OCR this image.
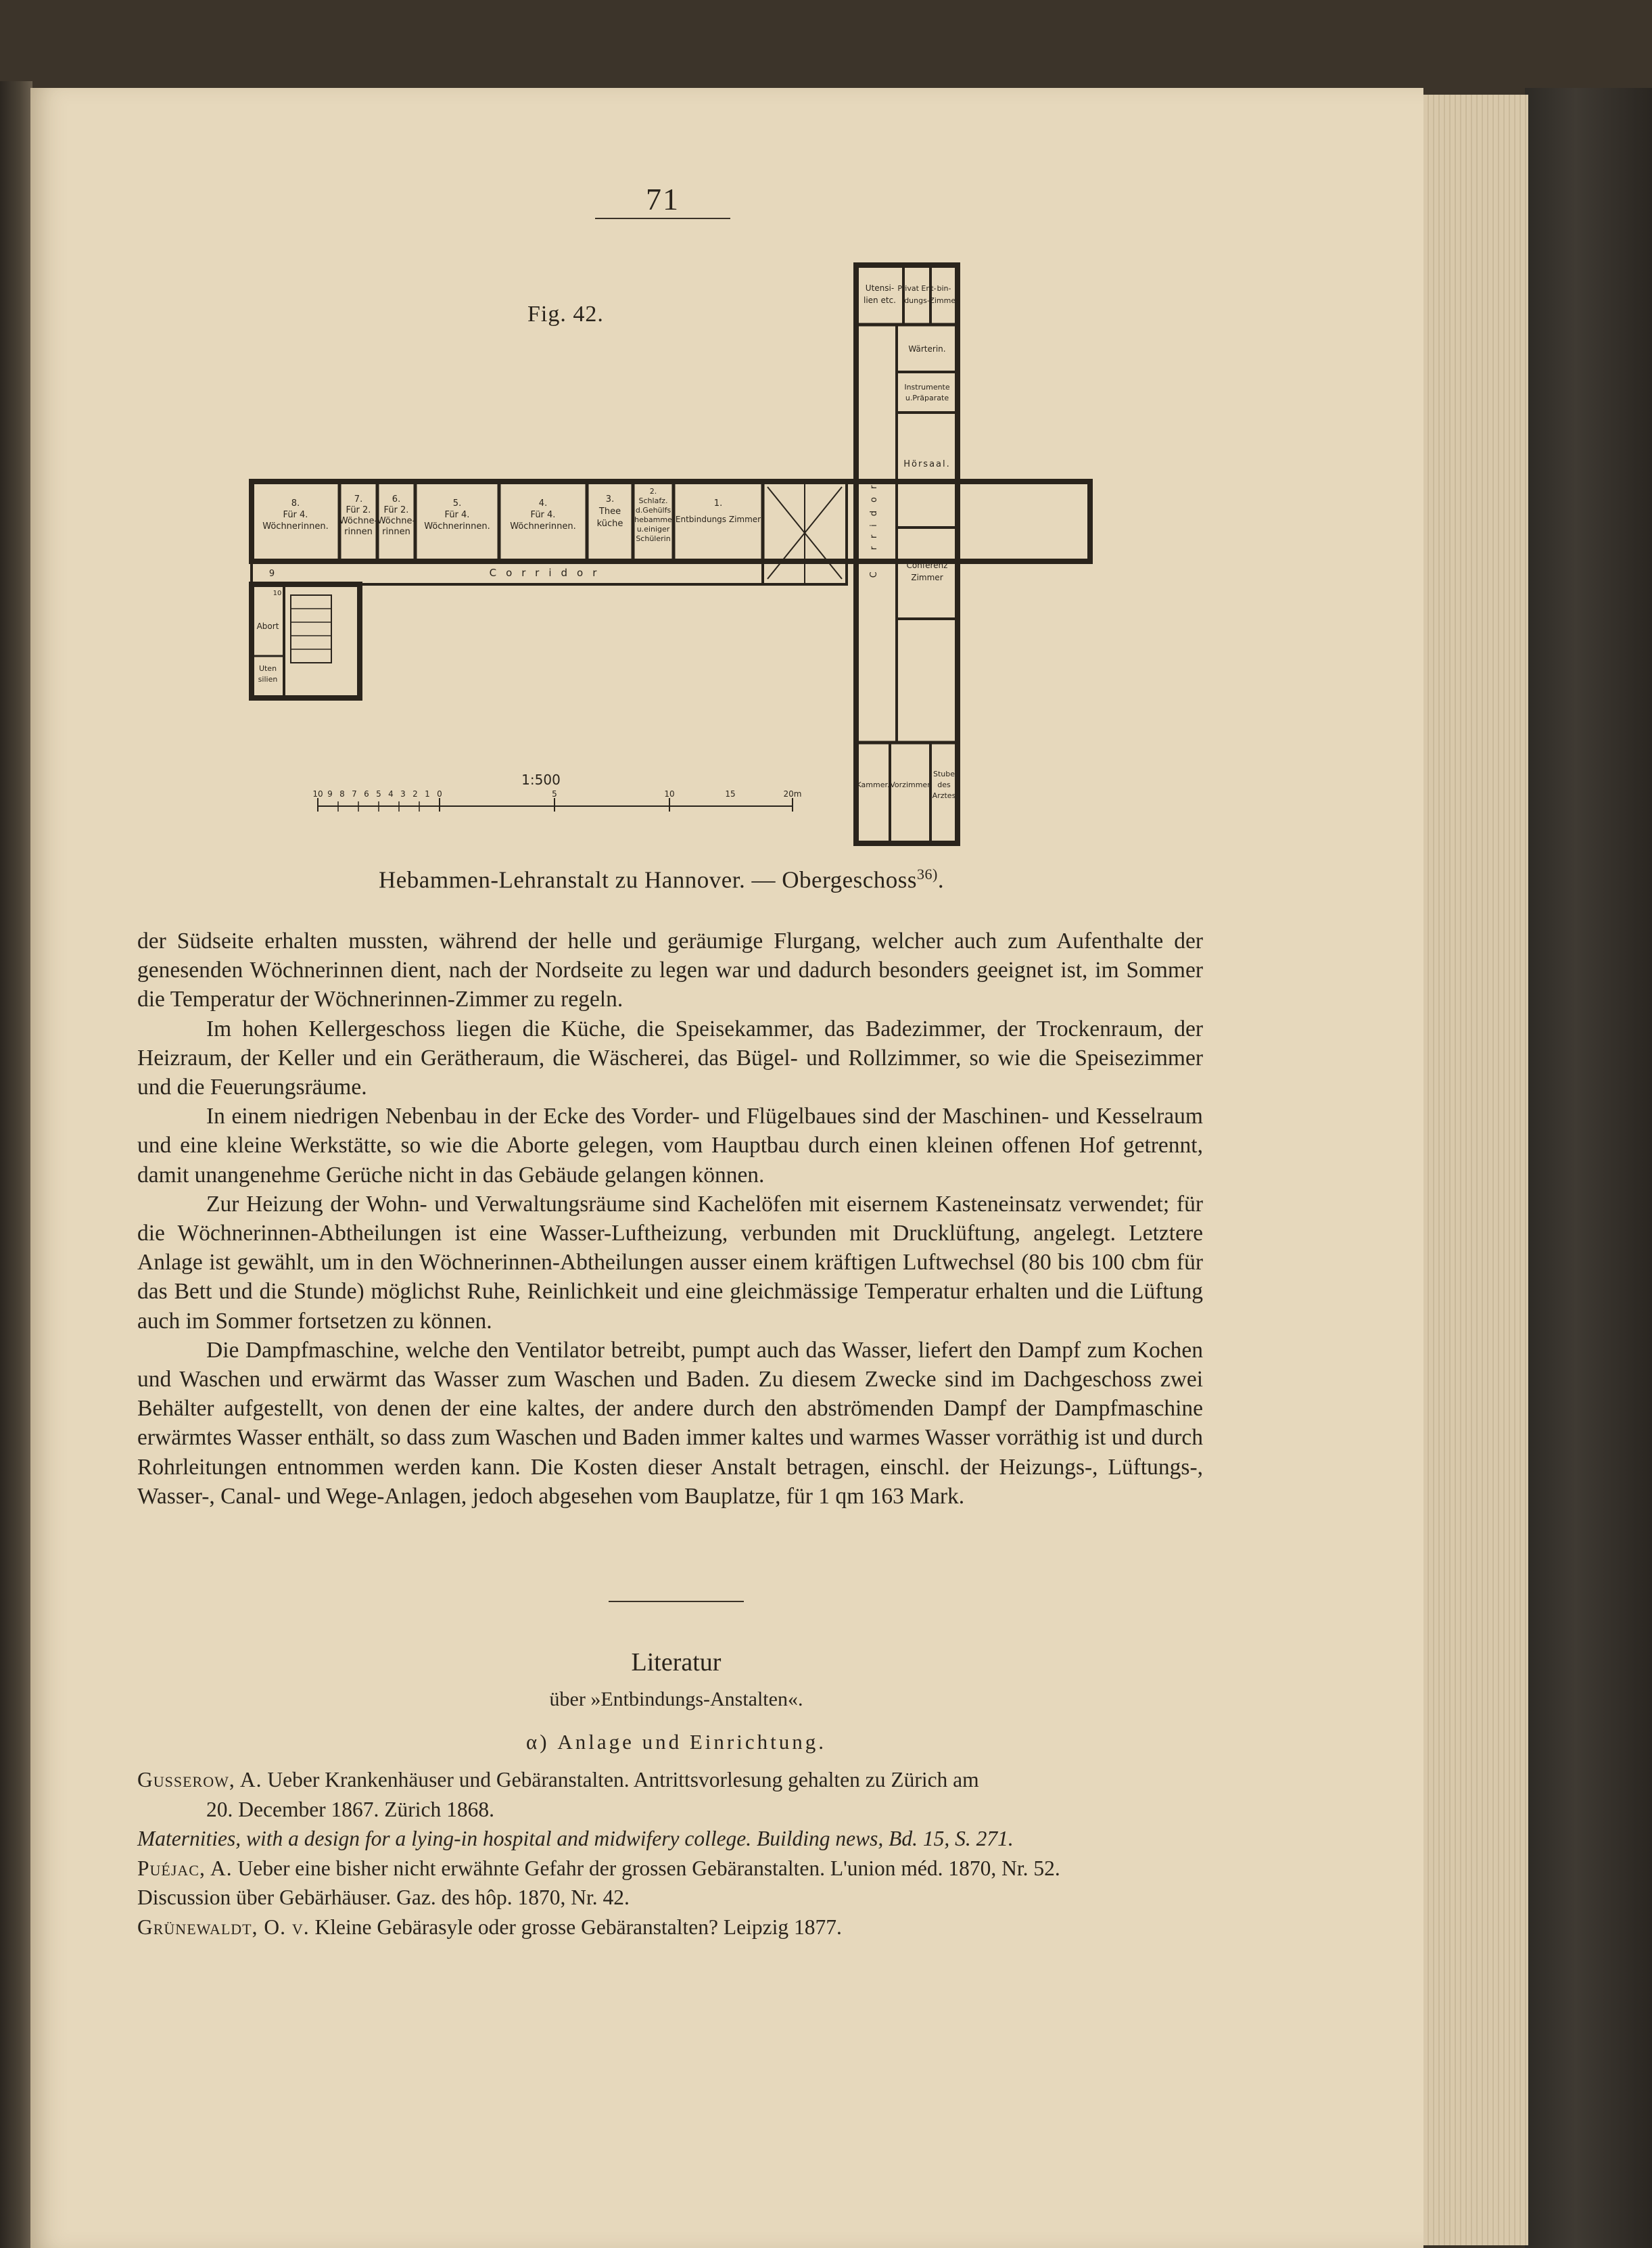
71
Fig. 42.
8.
Für 4.
Wöchnerinnen.
7.
Für 2.
Wöchne-
rinnen
6.
Für 2.
Wöchne-
rinnen
5.
Für 4.
Wöchnerinnen.
4.
Für 4.
Wöchnerinnen.
3.
Thee
küche
2.
Schlafz.
d.Gehülfs
hebamme
u.einiger
Schülerin
1.
Entbindungs Zimmer
Corridor
9
10
Abort
Uten
silien
Utensi-
lien etc.
Privat Ent-
dungs-
bin-
Zimmer
Wärterin.
Instrumente
u.Präparate
Hörsaal.
Conferenz
Zimmer
Kammer. Vorzimmer
Stube
des
Arztes
Corridor
1:500
10 9 8 7 6 5 4 3 2 1 0	5	10	15	20m
Hebammen-Lehranstalt zu Hannover. — Obergeschoss$^{36)}$.

der Südseite erhalten mussten, während der helle und geräumige Flurgang, welcher auch zum Aufenthalte der genesenden Wöchnerinnen dient, nach der Nordseite zu legen war und dadurch besonders geeignet ist, im Sommer die Temperatur der Wöchnerinnen-Zimmer zu regeln.

Im hohen Kellergeschoss liegen die Küche, die Speisekammer, das Badezimmer, der Trockenraum, der Heizraum, der Keller und ein Gerätheraum, die Wäscherei, das Bügel- und Rollzimmer, so wie die Speisezimmer und die Feuerungsräume.

In einem niedrigen Nebenbau in der Ecke des Vorder- und Flügelbaues sind der Maschinen- und Kesselraum und eine kleine Werkstätte, so wie die Aborte gelegen, vom Hauptbau durch einen kleinen offenen Hof getrennt, damit unangenehme Gerüche nicht in das Gebäude gelangen können.

Zur Heizung der Wohn- und Verwaltungsräume sind Kachelöfen mit eisernem Kasteneinsatz verwendet; für die Wöchnerinnen-Abtheilungen ist eine Wasser-Luftheizung, verbunden mit Drucklüftung, angelegt. Letztere Anlage ist gewählt, um in den Wöchnerinnen-Abtheilungen ausser einem kräftigen Luftwechsel (80 bis 100 cbm für das Bett und die Stunde) möglichst Ruhe, Reinlichkeit und eine gleichmässige Temperatur erhalten und die Lüftung auch im Sommer fortsetzen zu können.

Die Dampfmaschine, welche den Ventilator betreibt, pumpt auch das Wasser, liefert den Dampf zum Kochen und Waschen und erwärmt das Wasser zum Waschen und Baden. Zu diesem Zwecke sind im Dachgeschoss zwei Behälter aufgestellt, von denen der eine kaltes, der andere durch den abströmenden Dampf der Dampfmaschine erwärmtes Wasser enthält, so dass zum Waschen und Baden immer kaltes und warmes Wasser vorräthig ist und durch Rohrleitungen entnommen werden kann. Die Kosten dieser Anstalt betragen, einschl. der Heizungs-, Lüftungs-, Wasser-, Canal- und Wege-Anlagen, jedoch abgesehen vom Bauplatze, für 1 qm 163 Mark.

Literatur
über »Entbindungs-Anstalten«.
α) Anlage und Einrichtung.

Gusserow, A. Ueber Krankenhäuser und Gebäranstalten. Antrittsvorlesung gehalten zu Zürich am

20. December 1867. Zürich 1868.

Maternities, with a design for a lying-in hospital and midwifery college. Building news, Bd. 15, S. 271.

Puéjac, A. Ueber eine bisher nicht erwähnte Gefahr der grossen Gebäranstalten. L'union méd. 1870, Nr. 52.

Discussion über Gebärhäuser. Gaz. des hôp. 1870, Nr. 42.

Grünewaldt, O. v. Kleine Gebärasyle oder grosse Gebäranstalten? Leipzig 1877.
